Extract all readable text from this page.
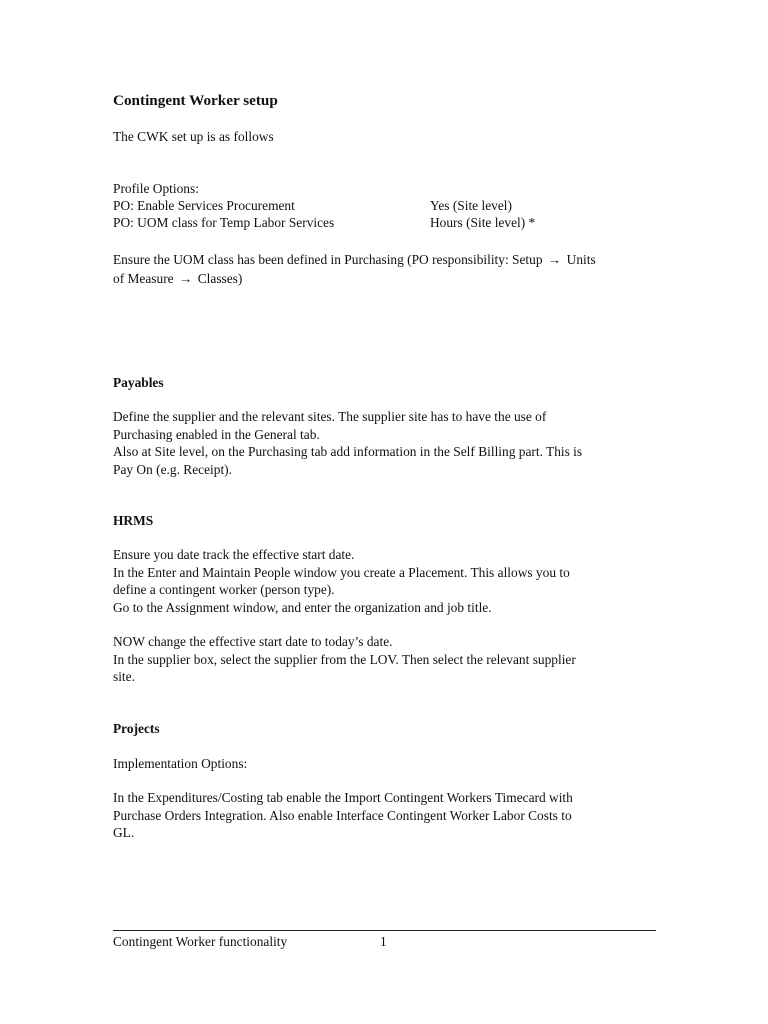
Contingent Worker setup
The CWK set up is as follows
Profile Options:
PO: Enable Services Procurement	Yes (Site level)
PO: UOM class for Temp Labor Services	Hours (Site level) *
Ensure the UOM class has been defined in Purchasing (PO responsibility: Setup → Units
of Measure → Classes)
Payables
Define the supplier and the relevant sites. The supplier site has to have the use of
Purchasing enabled in the General tab.
Also at Site level, on the Purchasing tab add information in the Self Billing part. This is
Pay On (e.g. Receipt).
HRMS
Ensure you date track the effective start date.
In the Enter and Maintain People window you create a Placement. This allows you to
define a contingent worker (person type).
Go to the Assignment window, and enter the organization and job title.
NOW change the effective start date to today’s date.
In the supplier box, select the supplier from the LOV. Then select the relevant supplier
site.
Projects
Implementation Options:
In the Expenditures/Costing tab enable the Import Contingent Workers Timecard with
Purchase Orders Integration. Also enable Interface Contingent Worker Labor Costs to
GL.
Contingent Worker functionality	1
